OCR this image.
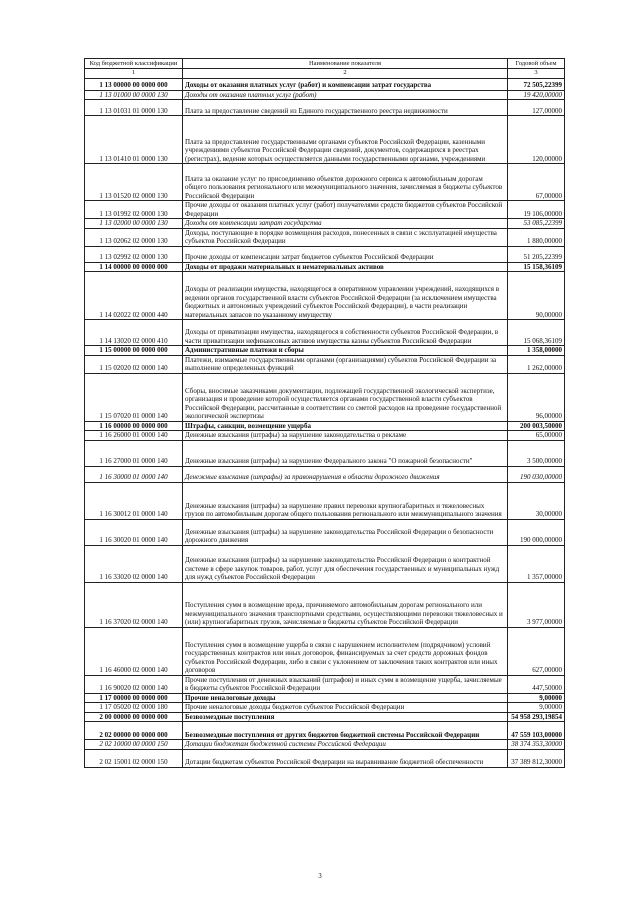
Код бюджетной классификации	Наименование показателя	Годовой объем
1	2	3
1 13 00000 00 0000 000	Доходы от оказания платных услуг (работ) и компенсации затрат государства	72 505,22399
1 13 01000 00 0000 130	Доходы от оказания платных услуг (работ)	19 420,00000
1 13 01031 01 0000 130	Плата за предоставление сведений из Единого государственного реестра недвижимости	127,00000
1 13 01410 01 0000 130	Плата за предоставление государственными органами субъектов Российской Федерации, казенными учреждениями субъектов Российской Федерации сведений, документов, содержащихся в реестрах (регистрах), ведение которых осуществляется данными государственными органами, учреждениями	120,00000
1 13 01520 02 0000 130	Плата за оказание услуг по присоединению объектов дорожного сервиса к автомобильным дорогам общего пользования регионального или межмуниципального значения, зачисляемая в бюджеты субъектов Российской Федерации	67,00000
1 13 01992 02 0000 130	Прочие доходы от оказания платных услуг (работ) получателями средств бюджетов субъектов Российской Федерации	19 106,00000
1 13 02000 00 0000 130	Доходы от компенсации затрат государства	53 085,22399
1 13 02062 02 0000 130	Доходы, поступающие в порядке возмещения расходов, понесенных в связи с эксплуатацией имущества субъектов Российской Федерации	1 880,00000
1 13 02992 02 0000 130	Прочие доходы от компенсации затрат бюджетов субъектов Российской Федерации	51 205,22399
1 14 00000 00 0000 000	Доходы от продажи материальных и нематериальных активов	15 158,36109
1 14 02022 02 0000 440	Доходы от реализации имущества, находящегося в оперативном управлении учреждений, находящихся в ведении органов государственной власти субъектов Российской Федерации (за исключением имущества бюджетных и автономных учреждений субъектов Российской Федерации), в части реализации материальных запасов по указанному имуществу	90,00000
1 14 13020 02 0000 410	Доходы от приватизации имущества, находящегося в собственности субъектов Российской Федерации, в части приватизации нефинансовых активов имущества казны субъектов Российской Федерации	15 068,36109
1 15 00000 00 0000 000	Административные платежи и сборы	1 358,00000
1 15 02020 02 0000 140	Платежи, взимаемые государственными органами (организациями) субъектов Российской Федерации за выполнение определенных функций	1 262,00000
1 15 07020 01 0000 140	Сборы, вносимые заказчиками документации, подлежащей государственной экологической экспертизе, организация и проведение которой осуществляется органами государственной власти субъектов Российской Федерации, рассчитанные в соответствии со сметой расходов на проведение государственной экологической экспертизы	96,00000
1 16 00000 00 0000 000	Штрафы, санкции, возмещение ущерба	200 003,50000
1 16 26000 01 0000 140	Денежные взыскания (штрафы) за нарушение законодательства о рекламе	65,00000
1 16 27000 01 0000 140	Денежные взыскания (штрафы) за нарушение Федерального закона "О пожарной безопасности"	3 500,00000
1 16 30000 01 0000 140	Денежные взыскания (штрафы) за правонарушения в области дорожного движения	190 030,00000
1 16 30012 01 0000 140	Денежные взыскания (штрафы) за нарушение правил перевозки крупногабаритных и тяжеловесных грузов по автомобильным дорогам общего пользования регионального или межмуниципального значения	30,00000
1 16 30020 01 0000 140	Денежные взыскания (штрафы) за нарушение законодательства Российской Федерации о безопасности дорожного движения	190 000,00000
1 16 33020 02 0000 140	Денежные взыскания (штрафы) за нарушение законодательства Российской Федерации о контрактной системе в сфере закупок товаров, работ, услуг для обеспечения государственных и муниципальных нужд для нужд субъектов Российской Федерации	1 357,00000
1 16 37020 02 0000 140	Поступления сумм в возмещение вреда, причиняемого автомобильным дорогам регионального или межмуниципального значения транспортными средствами, осуществляющими перевозки тяжеловесных и (или) крупногабаритных грузов, зачисляемые в бюджеты субъектов Российской Федерации	3 977,00000
1 16 46000 02 0000 140	Поступления сумм в возмещение ущерба в связи с нарушением исполнителем (подрядчиком) условий государственных контрактов или иных договоров, финансируемых за счет средств дорожных фондов субъектов Российской Федерации, либо в связи с уклонением от заключения таких контрактов или иных договоров	627,00000
1 16 90020 02 0000 140	Прочие поступления от денежных взысканий (штрафов) и иных сумм в возмещение ущерба, зачисляемые в бюджеты субъектов Российской Федерации	447,50000
1 17 00000 00 0000 000	Прочие неналоговые доходы	9,00000
1 17 05020 02 0000 180	Прочие неналоговые доходы бюджетов субъектов Российской Федерации	9,00000
2 00 00000 00 0000 000	Безвозмездные поступления	54 958 293,19854
2 02 00000 00 0000 000	Безвозмездные поступления от других бюджетов бюджетной системы Российской Федерации	47 559 103,00000
2 02 10000 00 0000 150	Дотации бюджетам бюджетной системы Российской Федерации	38 374 353,30000
2 02 15001 02 0000 150	Дотации бюджетам субъектов Российской Федерации на выравнивание бюджетной обеспеченности	37 389 812,30000
3
